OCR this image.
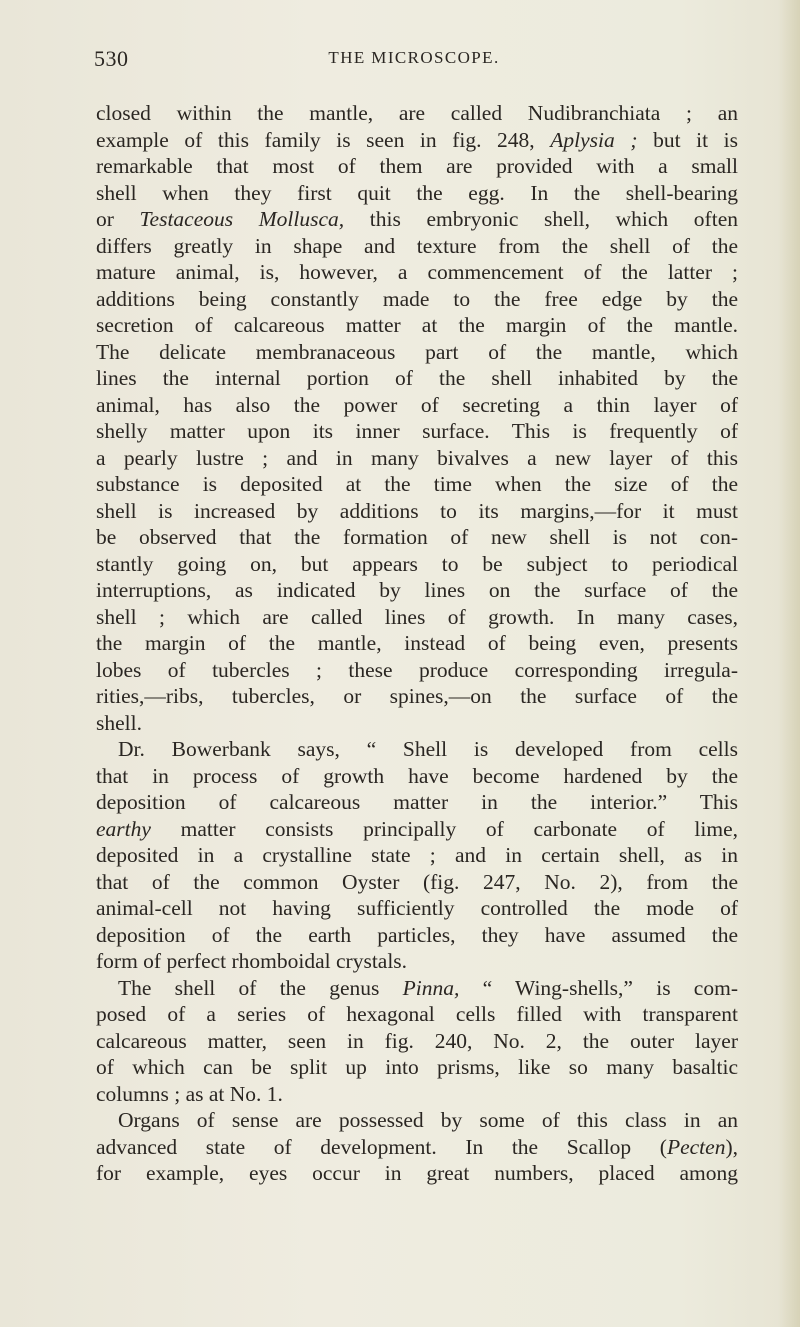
530	THE MICROSCOPE.
closed within the mantle, are called Nudibranchiata ; an
example of this family is seen in fig. 248, Aplysia ; but it is
remarkable that most of them are provided with a small
shell when they first quit the egg. In the shell-bearing
or Testaceous Mollusca, this embryonic shell, which often
differs greatly in shape and texture from the shell of the
mature animal, is, however, a commencement of the latter ;
additions being constantly made to the free edge by the
secretion of calcareous matter at the margin of the mantle.
The delicate membranaceous part of the mantle, which
lines the internal portion of the shell inhabited by the
animal, has also the power of secreting a thin layer of
shelly matter upon its inner surface. This is frequently of
a pearly lustre ; and in many bivalves a new layer of this
substance is deposited at the time when the size of the
shell is increased by additions to its margins,—for it must
be observed that the formation of new shell is not con-
stantly going on, but appears to be subject to periodical
interruptions, as indicated by lines on the surface of the
shell ; which are called lines of growth. In many cases,
the margin of the mantle, instead of being even, presents
lobes of tubercles ; these produce corresponding irregula-
rities,—ribs, tubercles, or spines,—on the surface of the
shell.
Dr. Bowerbank says, “ Shell is developed from cells
that in process of growth have become hardened by the
deposition of calcareous matter in the interior.” This
earthy matter consists principally of carbonate of lime,
deposited in a crystalline state ; and in certain shell, as in
that of the common Oyster (fig. 247, No. 2), from the
animal-cell not having sufficiently controlled the mode of
deposition of the earth particles, they have assumed the
form of perfect rhomboidal crystals.
The shell of the genus Pinna, “ Wing-shells,” is com-
posed of a series of hexagonal cells filled with transparent
calcareous matter, seen in fig. 240, No. 2, the outer layer
of which can be split up into prisms, like so many basaltic
columns ; as at No. 1.
Organs of sense are possessed by some of this class in an
advanced state of development. In the Scallop (Pecten),
for example, eyes occur in great numbers, placed among
